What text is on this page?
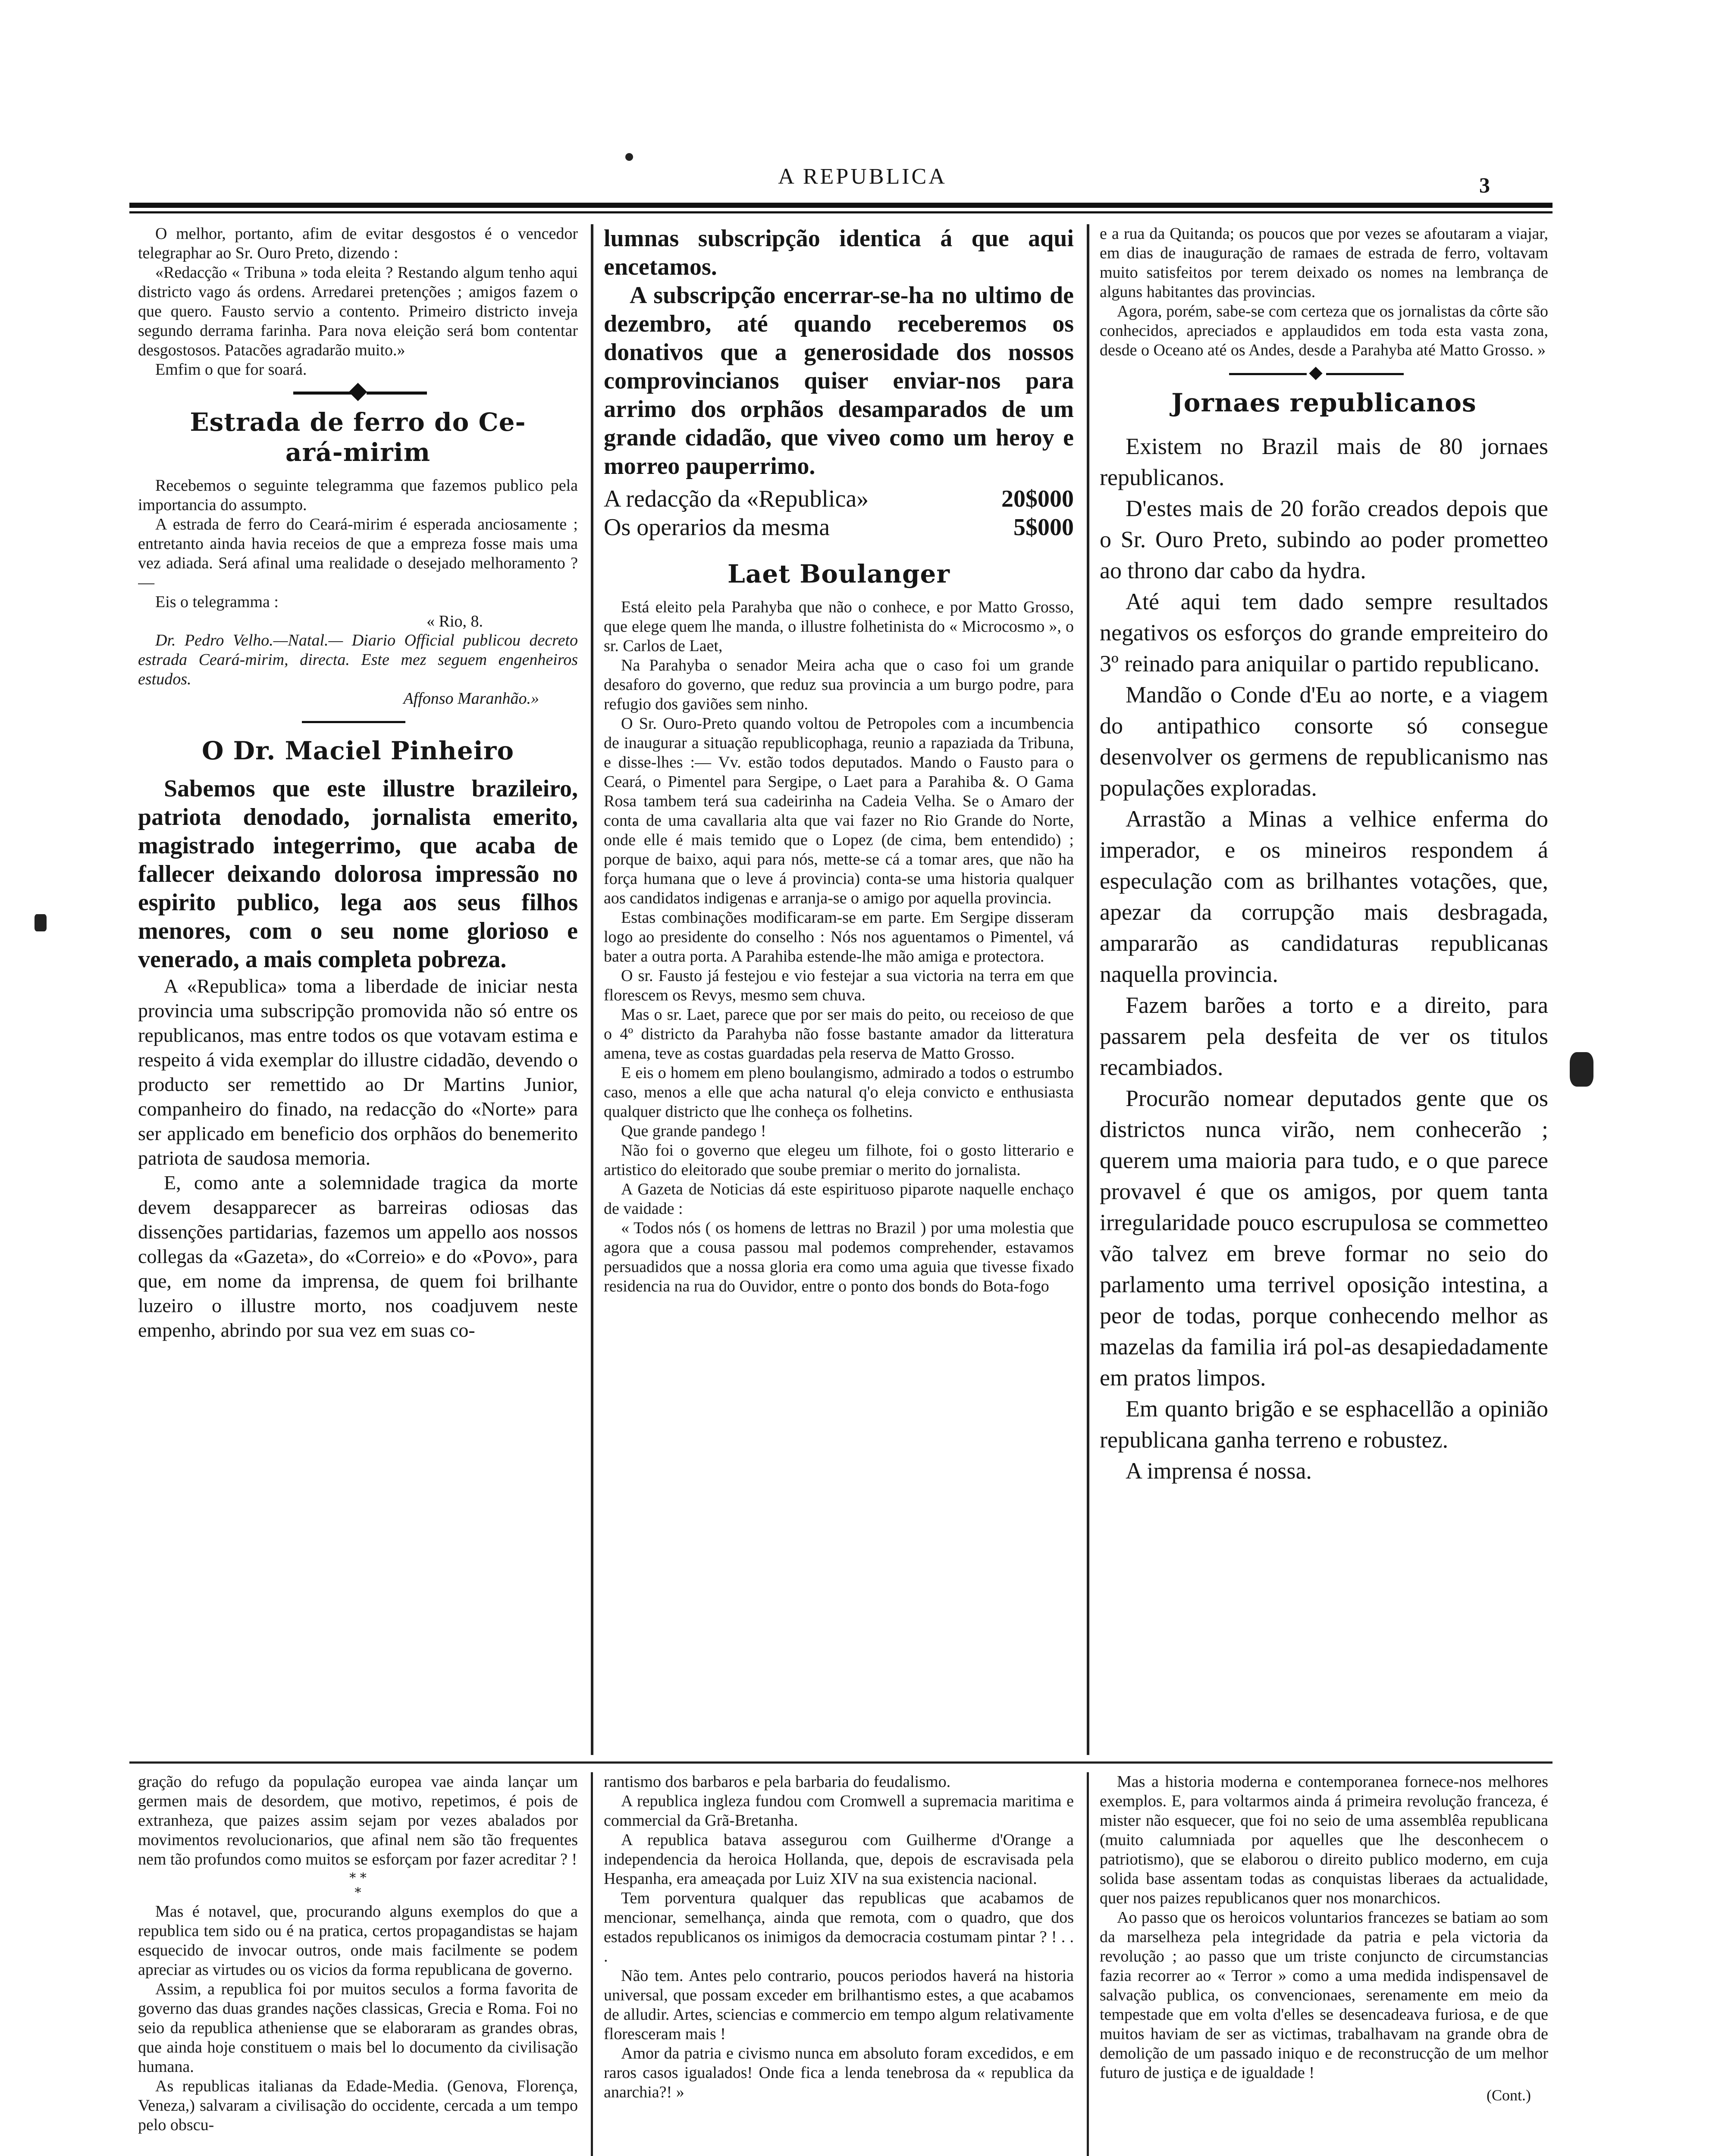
A REPUBLICA	3

O melhor, portanto, afim de evitar desgostos é o vencedor telegraphar ao Sr. Ouro Preto, dizendo :

«Redacção « Tribuna » toda eleita ? Restando algum tenho aqui districto vago ás ordens. Arredarei pretenções ; amigos fazem o que quero. Fausto servio a contento. Primeiro districto inveja segundo derrama farinha. Para nova eleição será bom contentar desgostosos. Patacões agradarão muito.»

Emfim o que for soará.

Estrada de ferro do Ce-

ará-mirim

Recebemos o seguinte telegramma que fazemos publico pela importancia do assumpto.

A estrada de ferro do Ceará-mirim é esperada anciosamente ; entretanto ainda havia receios de que a empreza fosse mais uma vez adiada. Será afinal uma realidade o desejado melhoramento ? —

Eis o telegramma :

« Rio, 8.

Dr. Pedro Velho.—Natal.— Diario Official publicou decreto estrada Ceará-mirim, directa. Este mez seguem engenheiros estudos.

Affonso Maranhão.»

O Dr. Maciel Pinheiro

Sabemos que este illustre brazileiro, patriota denodado, jornalista emerito, magistrado integerrimo, que acaba de fallecer deixando dolorosa impressão no espirito publico, lega aos seus filhos menores, com o seu nome glorioso e venerado, a mais completa pobreza.

A «Republica» toma a liberdade de iniciar nesta provincia uma subscripção promovida não só entre os republicanos, mas entre todos os que votavam estima e respeito á vida exemplar do illustre cidadão, devendo o producto ser remettido ao Dr Martins Junior, companheiro do finado, na redacção do «Norte» para ser applicado em beneficio dos orphãos do benemerito patriota de saudosa memoria.

E, como ante a solemnidade tragica da morte devem desapparecer as barreiras odiosas das dissenções partidarias, fazemos um appello aos nossos collegas da «Gazeta», do «Correio» e do «Povo», para que, em nome da imprensa, de quem foi brilhante luzeiro o illustre morto, nos coadjuvem neste empenho, abrindo por sua vez em suas co-

lumnas subscripção identica á que aqui encetamos.

A subscripção encerrar-se-ha no ultimo de dezembro, até quando receberemos os donativos que a generosidade dos nossos comprovincianos quiser enviar-nos para arrimo dos orphãos desamparados de um grande cidadão, que viveo como um heroy e morreo pauperrimo.

A redacção da «Republica»	20$000
Os operarios da mesma	5$000

Laet Boulanger

Está eleito pela Parahyba que não o conhece, e por Matto Grosso, que elege quem lhe manda, o illustre folhetinista do « Microcosmo », o sr. Carlos de Laet,

Na Parahyba o senador Meira acha que o caso foi um grande desaforo do governo, que reduz sua provincia a um burgo podre, para refugio dos gaviões sem ninho.

O Sr. Ouro-Preto quando voltou de Petropoles com a incumbencia de inaugurar a situação republicophaga, reunio a rapaziada da Tribuna, e disse-lhes :— Vv. estão todos deputados. Mando o Fausto para o Ceará, o Pimentel para Sergipe, o Laet para a Parahiba &. O Gama Rosa tambem terá sua cadeirinha na Cadeia Velha. Se o Amaro der conta de uma cavallaria alta que vai fazer no Rio Grande do Norte, onde elle é mais temido que o Lopez (de cima, bem entendido) ; porque de baixo, aqui para nós, mette-se cá a tomar ares, que não ha força humana que o leve á provincia) conta-se uma historia qualquer aos candidatos indigenas e arranja-se o amigo por aquella provincia.

Estas combinações modificaram-se em parte. Em Sergipe disseram logo ao presidente do conselho : Nós nos aguentamos o Pimentel, vá bater a outra porta. A Parahiba estende-lhe mão amiga e protectora.

O sr. Fausto já festejou e vio festejar a sua victoria na terra em que florescem os Revys, mesmo sem chuva.

Mas o sr. Laet, parece que por ser mais do peito, ou receioso de que o 4º districto da Parahyba não fosse bastante amador da litteratura amena, teve as costas guardadas pela reserva de Matto Grosso.

E eis o homem em pleno boulangismo, admirado a todos o estrumbo caso, menos a elle que acha natural q'o eleja convicto e enthusiasta qualquer districto que lhe conheça os folhetins.

Que grande pandego !

Não foi o governo que elegeu um filhote, foi o gosto litterario e artistico do eleitorado que soube premiar o merito do jornalista.

A Gazeta de Noticias dá este espirituoso piparote naquelle enchaço de vaidade :

« Todos nós ( os homens de lettras no Brazil ) por uma molestia que agora que a cousa passou mal podemos comprehender, estavamos persuadidos que a nossa gloria era como uma aguia que tivesse fixado residencia na rua do Ouvidor, entre o ponto dos bonds do Bota-fogo

e a rua da Quitanda; os poucos que por vezes se afoutaram a viajar, em dias de inauguração de ramaes de estrada de ferro, voltavam muito satisfeitos por terem deixado os nomes na lembrança de alguns habitantes das provincias.

Agora, porém, sabe-se com certeza que os jornalistas da côrte são conhecidos, apreciados e applaudidos em toda esta vasta zona, desde o Oceano até os Andes, desde a Parahyba até Matto Grosso. »

Jornaes republicanos

Existem no Brazil mais de 80 jornaes republicanos.

D'estes mais de 20 forão creados depois que o Sr. Ouro Preto, subindo ao poder prometteo ao throno dar cabo da hydra.

Até aqui tem dado sempre resultados negativos os esforços do grande empreiteiro do 3º reinado para aniquilar o partido republicano.

Mandão o Conde d'Eu ao norte, e a viagem do antipathico consorte só consegue desenvolver os germens de republicanismo nas populações exploradas.

Arrastão a Minas a velhice enferma do imperador, e os mineiros respondem á especulação com as brilhantes votações, que, apezar da corrupção mais desbragada, ampararão as candidaturas republicanas naquella provincia.

Fazem barões a torto e a direito, para passarem pela desfeita de ver os titulos recambiados.

Procurão nomear deputados gente que os districtos nunca virão, nem conhecerão ; querem uma maioria para tudo, e o que parece provavel é que os amigos, por quem tanta irregularidade pouco escrupulosa se commetteo vão talvez em breve formar no seio do parlamento uma terrivel oposição intestina, a peor de todas, porque conhecendo melhor as mazelas da familia irá pol-as desapiedadamente em pratos limpos.

Em quanto brigão e se esphacellão a opinião republicana ganha terreno e robustez.

A imprensa é nossa.

gração do refugo da população europea vae ainda lançar um germen mais de desordem, que motivo, repetimos, é pois de extranheza, que paizes assim sejam por vezes abalados por movimentos revolucionarios, que afinal nem são tão frequentes nem tão profundos como muitos se esforçam por fazer acreditar ? !

* *
*

Mas é notavel, que, procurando alguns exemplos do que a republica tem sido ou é na pratica, certos propagandistas se hajam esquecido de invocar outros, onde mais facilmente se podem apreciar as virtudes ou os vicios da forma republicana de governo.

Assim, a republica foi por muitos seculos a forma favorita de governo das duas grandes nações classicas, Grecia e Roma. Foi no seio da republica atheniense que se elaboraram as grandes obras, que ainda hoje constituem o mais bel lo documento da civilisação humana.

As republicas italianas da Edade-Media. (Genova, Florença, Veneza,) salvaram a civilisação do occidente, cercada a um tempo pelo obscu-

rantismo dos barbaros e pela barbaria do feudalismo.

A republica ingleza fundou com Cromwell a supremacia maritima e commercial da Grã-Bretanha.

A republica batava assegurou com Guilherme d'Orange a independencia da heroica Hollanda, que, depois de escravisada pela Hespanha, era ameaçada por Luiz XIV na sua existencia nacional.

Tem porventura qualquer das republicas que acabamos de mencionar, semelhança, ainda que remota, com o quadro, que dos estados republicanos os inimigos da democracia costumam pintar ? ! . . .

Não tem. Antes pelo contrario, poucos periodos haverá na historia universal, que possam exceder em brilhantismo estes, a que acabamos de alludir. Artes, sciencias e commercio em tempo algum relativamente floresceram mais !

Amor da patria e civismo nunca em absoluto foram excedidos, e em raros casos igualados! Onde fica a lenda tenebrosa da « republica da anarchia?! »

Mas a historia moderna e contemporanea fornece-nos melhores exemplos. E, para voltarmos ainda á primeira revolução franceza, é mister não esquecer, que foi no seio de uma assemblêa republicana (muito calumniada por aquelles que lhe desconhecem o patriotismo), que se elaborou o direito publico moderno, em cuja solida base assentam todas as conquistas liberaes da actualidade, quer nos paizes republicanos quer nos monarchicos.

Ao passo que os heroicos voluntarios francezes se batiam ao som da marselheza pela integridade da patria e pela victoria da revolução ; ao passo que um triste conjuncto de circumstancias fazia recorrer ao « Terror » como a uma medida indispensavel de salvação publica, os convencionaes, serenamente em meio da tempestade que em volta d'elles se desencadeava furiosa, e de que muitos haviam de ser as victimas, trabalhavam na grande obra de demolição de um passado iniquo e de reconstrucção de um melhor futuro de justiça e de igualdade !

(Cont.)
